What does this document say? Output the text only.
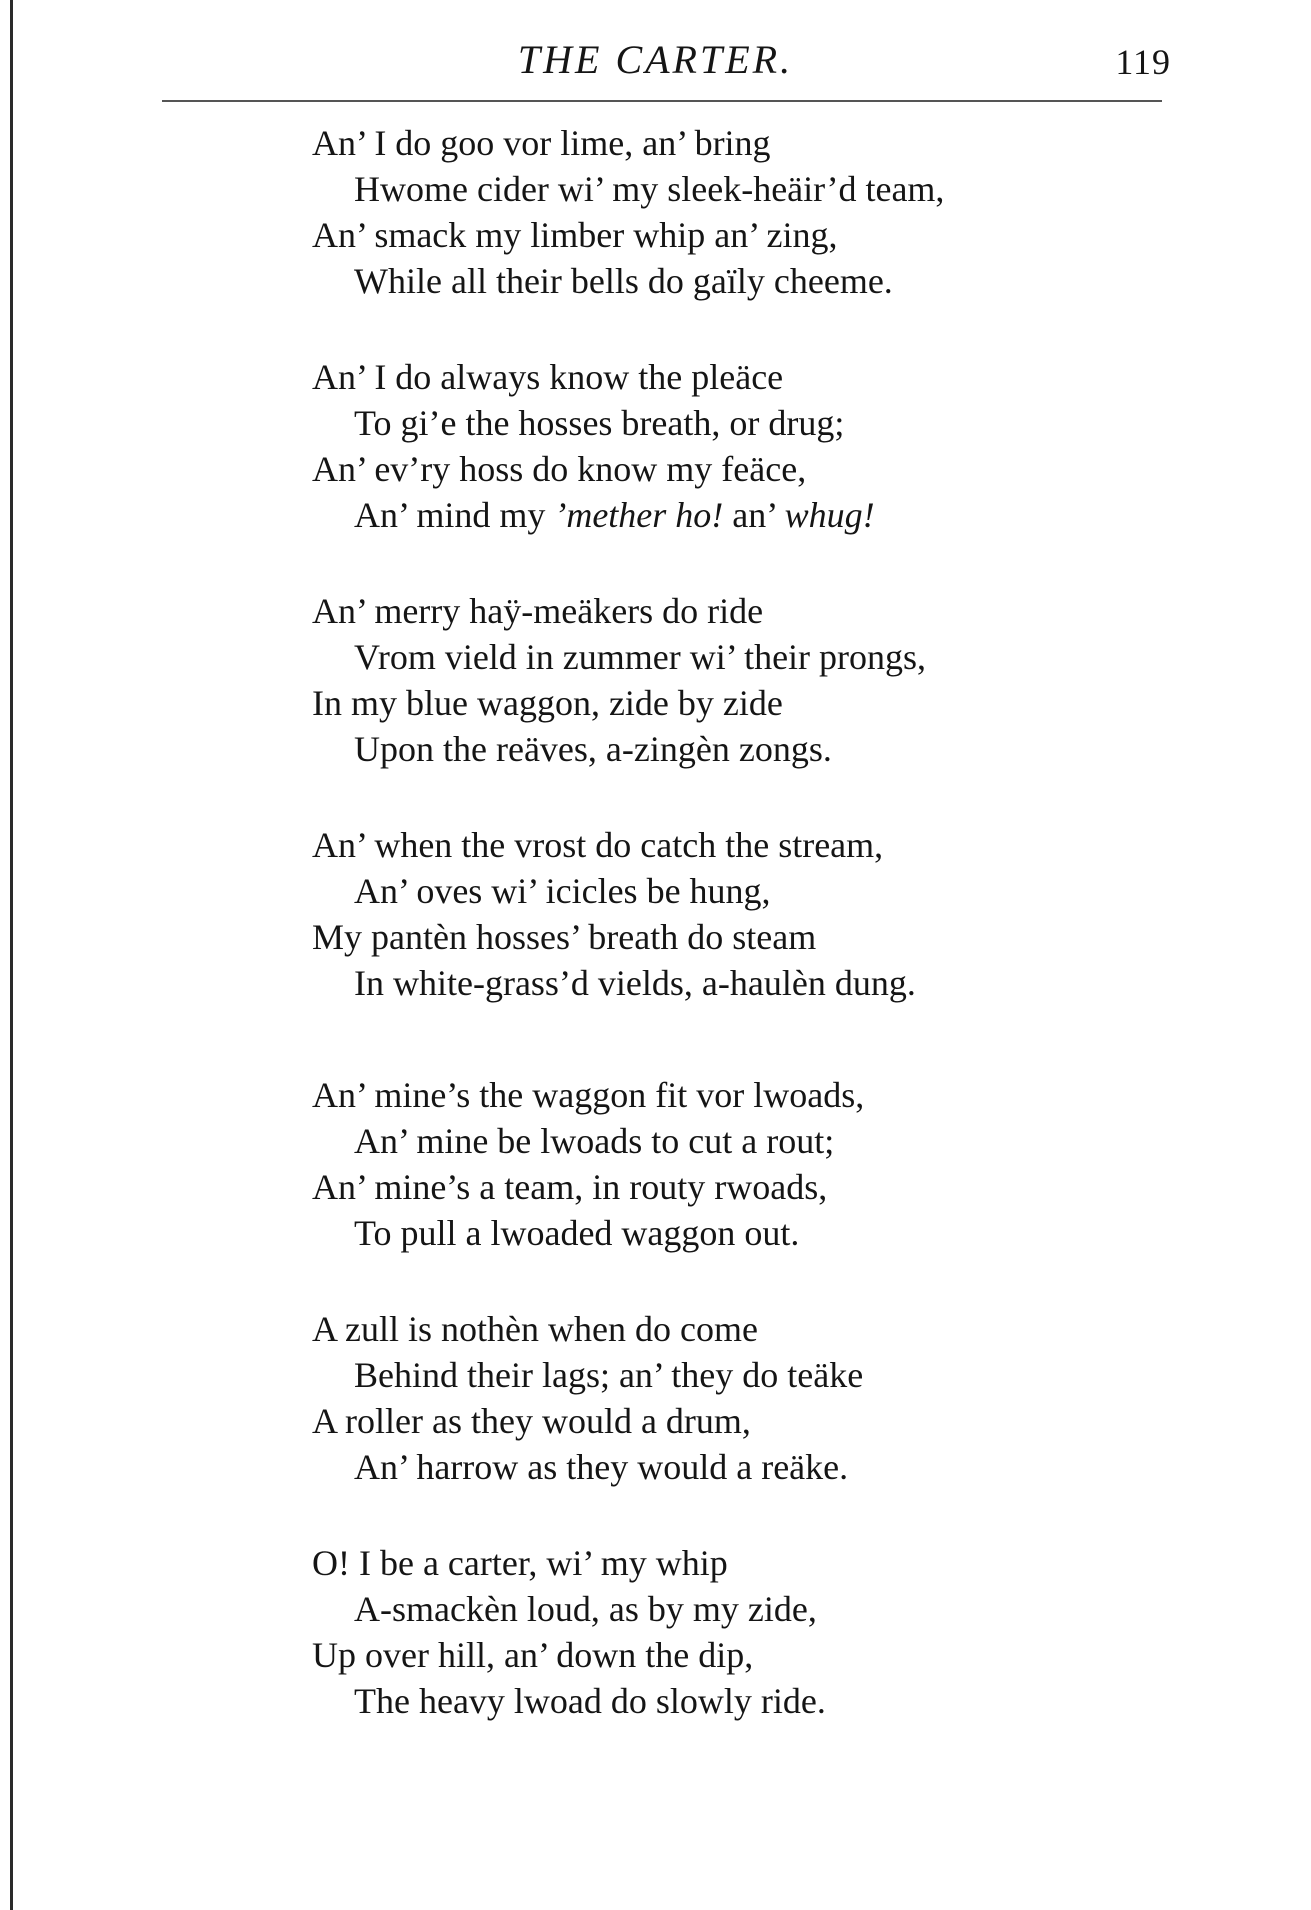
THE CARTER.	119
An’ I do goo vor lime, an’ bring
Hwome cider wi’ my sleek-heäir’d team,
An’ smack my limber whip an’ zing,
While all their bells do gaïly cheeme.
An’ I do always know the pleäce
To gi’e the hosses breath, or drug;
An’ ev’ry hoss do know my feäce,
An’ mind my ’mether ho! an’ whug!
An’ merry haÿ-meäkers do ride
Vrom vield in zummer wi’ their prongs,
In my blue waggon, zide by zide
Upon the reäves, a-zingèn zongs.
An’ when the vrost do catch the stream,
An’ oves wi’ icicles be hung,
My pantèn hosses’ breath do steam
In white-grass’d vields, a-haulèn dung.
An’ mine’s the waggon fit vor lwoads,
An’ mine be lwoads to cut a rout;
An’ mine’s a team, in routy rwoads,
To pull a lwoaded waggon out.
A zull is nothèn when do come
Behind their lags; an’ they do teäke
A roller as they would a drum,
An’ harrow as they would a reäke.
O! I be a carter, wi’ my whip
A-smackèn loud, as by my zide,
Up over hill, an’ down the dip,
The heavy lwoad do slowly ride.
